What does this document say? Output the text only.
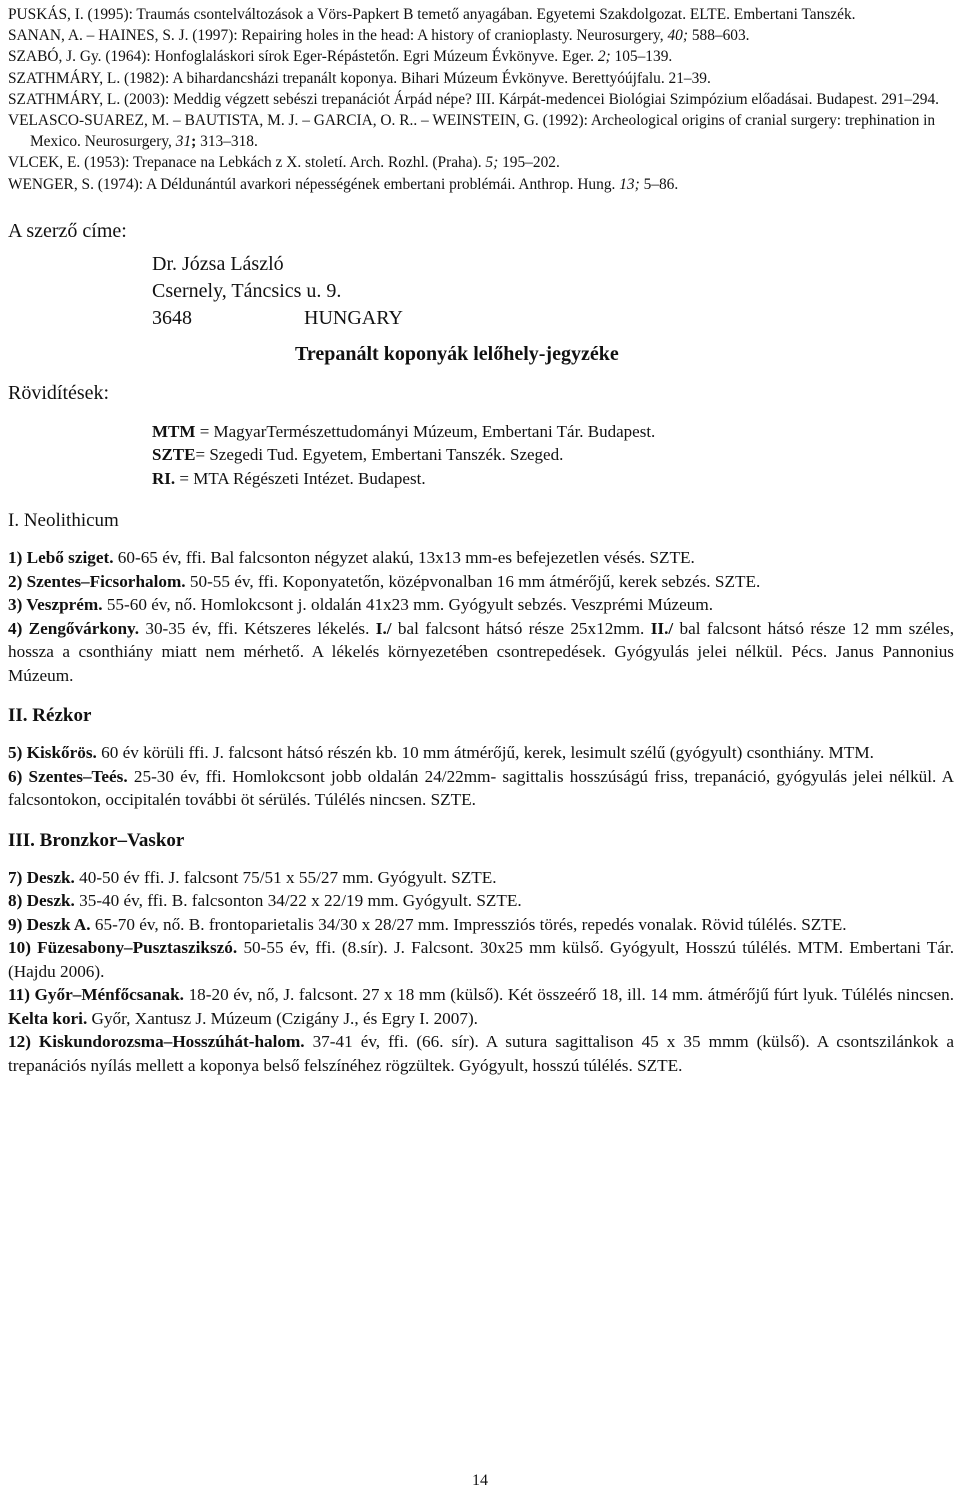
PUSKÁS, I. (1995): Traumás csontelváltozások a Vörs-Papkert B temető anyagában. Egyetemi Szakdolgozat. ELTE. Embertani Tanszék.

SANAN, A. – HAINES, S. J. (1997): Repairing holes in the head: A history of cranioplasty. Neurosurgery, 40; 588–603.

SZABÓ, J. Gy. (1964): Honfoglaláskori sírok Eger-Répástetőn. Egri Múzeum Évkönyve. Eger. 2; 105–139.

SZATHMÁRY, L. (1982): A bihardancsházi trepanált koponya. Bihari Múzeum Évkönyve. Berettyóújfalu. 21–39.

SZATHMÁRY, L. (2003): Meddig végzett sebészi trepanációt Árpád népe? III. Kárpát-medencei Biológiai Szimpózium előadásai. Budapest. 291–294.

VELASCO-SUAREZ, M. – BAUTISTA, M. J. – GARCIA, O. R.. – WEINSTEIN, G. (1992): Archeological origins of cranial surgery: trephination in Mexico. Neurosurgery, 31; 313–318.

VLCEK, E. (1953): Trepanace na Lebkách z X. století. Arch. Rozhl. (Praha). 5; 195–202.

WENGER, S. (1974): A Déldunántúl avarkori népességének embertani problémái. Anthrop. Hung. 13; 5–86.

A szerző címe:
Dr. Józsa László
Csernely, Táncsics u. 9.
3648	HUNGARY
Trepanált koponyák lelőhely-jegyzéke
Rövidítések:
MTM = MagyarTermészettudományi Múzeum, Embertani Tár. Budapest.
SZTE= Szegedi Tud. Egyetem, Embertani Tanszék. Szeged.
RI. = MTA Régészeti Intézet. Budapest.
I. Neolithicum

1) Lebő sziget. 60-65 év, ffi. Bal falcsonton négyzet alakú, 13x13 mm-es befejezetlen vésés. SZTE.

2) Szentes–Ficsorhalom. 50-55 év, ffi. Koponyatetőn, középvonalban 16 mm átmérőjű, kerek sebzés. SZTE.

3) Veszprém. 55-60 év, nő. Homlokcsont j. oldalán 41x23 mm. Gyógyult sebzés. Veszprémi Múzeum.

4) Zengővárkony. 30-35 év, ffi. Kétszeres lékelés. I./ bal falcsont hátsó része 25x12mm. II./ bal falcsont hátsó része 12 mm széles, hossza a csonthiány miatt nem mérhető. A lékelés környezetében csontrepedések. Gyógyulás jelei nélkül. Pécs. Janus Pannonius Múzeum.

II. Rézkor

5) Kiskőrös. 60 év körüli ffi. J. falcsont hátsó részén kb. 10 mm átmérőjű, kerek, lesimult szélű (gyógyult) csonthiány. MTM.

6) Szentes–Teés. 25-30 év, ffi. Homlokcsont jobb oldalán 24/22mm- sagittalis hosszúságú friss, trepanáció, gyógyulás jelei nélkül. A falcsontokon, occipitalén további öt sérülés. Túlélés nincsen. SZTE.

III. Bronzkor–Vaskor

7) Deszk. 40-50 év ffi. J. falcsont 75/51 x 55/27 mm. Gyógyult. SZTE.

8) Deszk. 35-40 év, ffi. B. falcsonton 34/22 x 22/19 mm. Gyógyult. SZTE.

9) Deszk A. 65-70 év, nő. B. frontoparietalis 34/30 x 28/27 mm. Impressziós törés, repedés vonalak. Rövid túlélés. SZTE.

10) Füzesabony–Pusztaszikszó. 50-55 év, ffi. (8.sír). J. Falcsont. 30x25 mm külső. Gyógyult, Hosszú túlélés. MTM. Embertani Tár. (Hajdu 2006).

11) Győr–Ménfőcsanak. 18-20 év, nő, J. falcsont. 27 x 18 mm (külső). Két összeérő 18, ill. 14 mm. átmérőjű fúrt lyuk. Túlélés nincsen. Kelta kori. Győr, Xantusz J. Múzeum (Czigány J., és Egry I. 2007).

12) Kiskundorozsma–Hosszúhát-halom. 37-41 év, ffi. (66. sír). A sutura sagittalison 45 x 35 mmm (külső). A csontszilánkok a trepanációs nyílás mellett a koponya belső felszínéhez rögzültek. Gyógyult, hosszú túlélés. SZTE.

14
